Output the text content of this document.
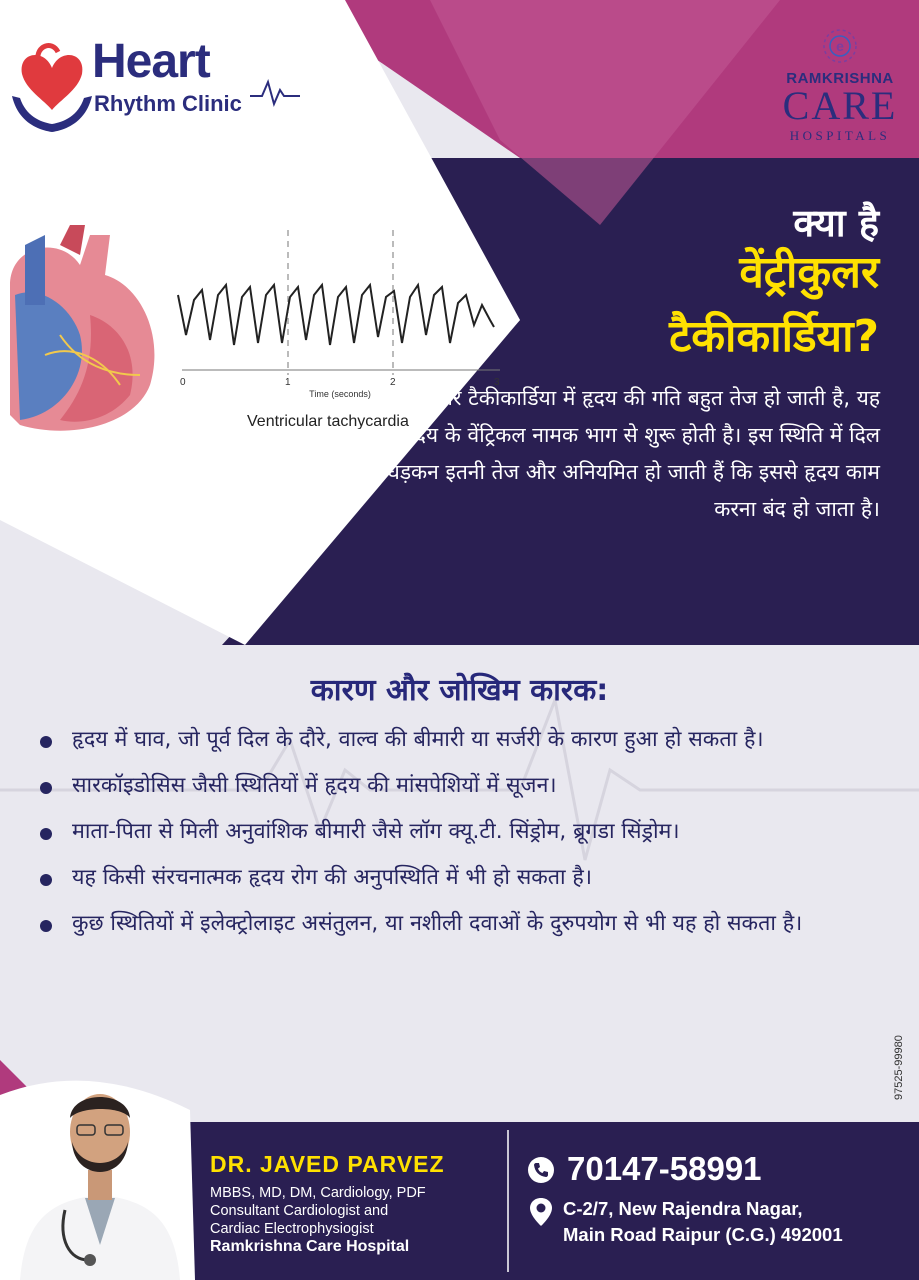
Heart
Rhythm Clinic
e
RAMKRISHNA
CARE
HOSPITALS
0	1	2	3
Time (seconds)
Ventricular tachycardia
क्या है
वेंट्रीकुलर
टैकीकार्डिया?
वेंट्रीकुलर टैकीकार्डिया में हृदय की गति बहुत तेज हो जाती है, यह समस्या हृदय के वेंट्रिकल नामक भाग से शुरू होती है। इस स्थिति में दिल की धड़कन इतनी तेज और अनियमित हो जाती हैं कि इससे हृदय काम करना बंद हो जाता है।
कारण और जोखिम कारक:
हृदय में घाव, जो पूर्व दिल के दौरे, वाल्व की बीमारी या सर्जरी के कारण हुआ हो सकता है।
सारकॉइडोसिस जैसी स्थितियों में हृदय की मांसपेशियों में सूजन।
माता-पिता से मिली अनुवांशिक बीमारी जैसे लॉग क्यू.टी. सिंड्रोम, ब्रूगडा सिंड्रोम।
यह किसी संरचनात्मक हृदय रोग की अनुपस्थिति में भी हो सकता है।
कुछ स्थितियों में इलेक्ट्रोलाइट असंतुलन, या नशीली दवाओं के दुरुपयोग से भी यह हो सकता है।
97525-99980
DR. JAVED PARVEZ
MBBS, MD, DM, Cardiology, PDF
Consultant Cardiologist and
Cardiac Electrophysiogist
Ramkrishna Care Hospital
70147-58991
C-2/7, New Rajendra Nagar,
Main Road Raipur (C.G.) 492001
